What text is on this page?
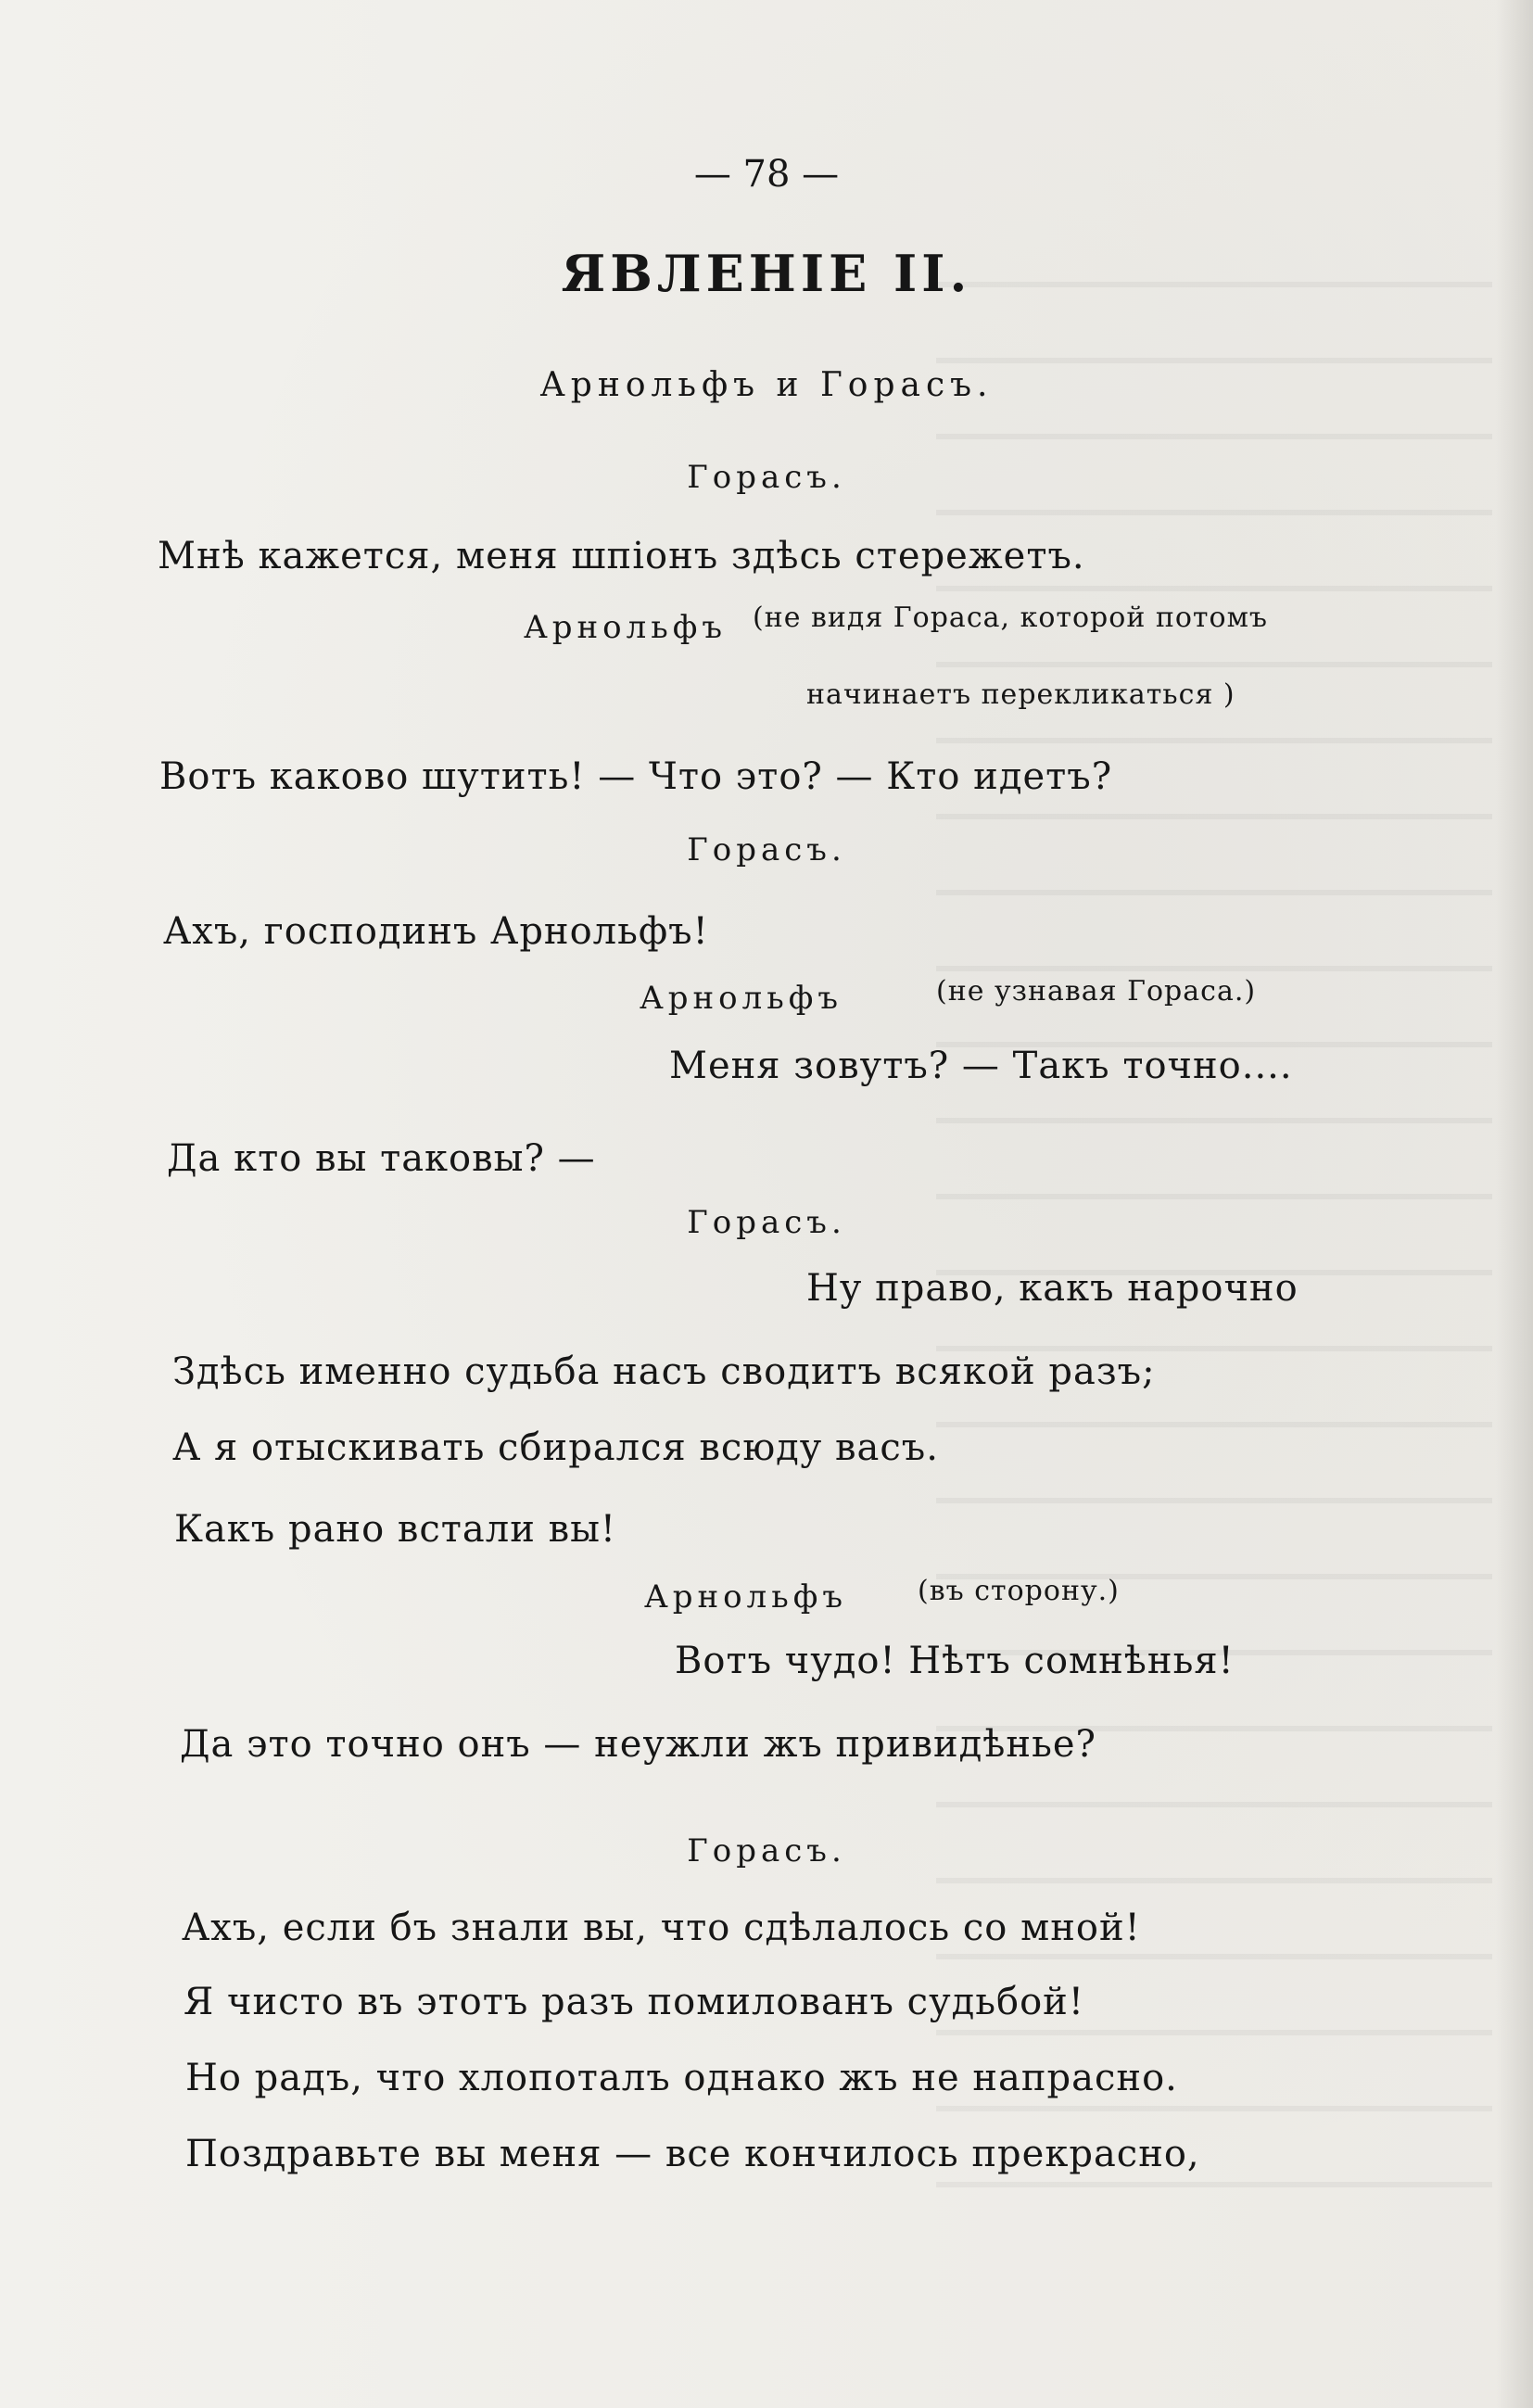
— 78 —
ЯВЛЕНIЕ II.
Арнольфъ и Горасъ.
Горасъ.
Мнѣ кажется, меня шпіонъ здѣсь стережетъ.
Арнольфъ (не видя Гораса, которой потомъ
начинаетъ перекликаться )
Вотъ каково шутить! — Что это? — Кто идетъ?
Горасъ.
Ахъ, господинъ Арнольфъ!
Арнольфъ	(не узнавая Гораса.)
Меня зовутъ? — Такъ точно....
Да кто вы таковы? —
Горасъ.
Ну право, какъ нарочно
Здѣсь именно судьба насъ сводитъ всякой разъ;
А я отыскивать сбирался всюду васъ.
Какъ рано встали вы!
Арнольфъ	(въ сторону.)
Вотъ чудо! Нѣтъ сомнѣнья!
Да это точно онъ — неужли жъ привидѣнье?
Горасъ.
Ахъ, если бъ знали вы, что сдѣлалось со мной!
Я чисто въ этотъ разъ помилованъ судьбой!
Но радъ, что хлопоталъ однако жъ не напрасно.
Поздравьте вы меня — все кончилось прекрасно,
